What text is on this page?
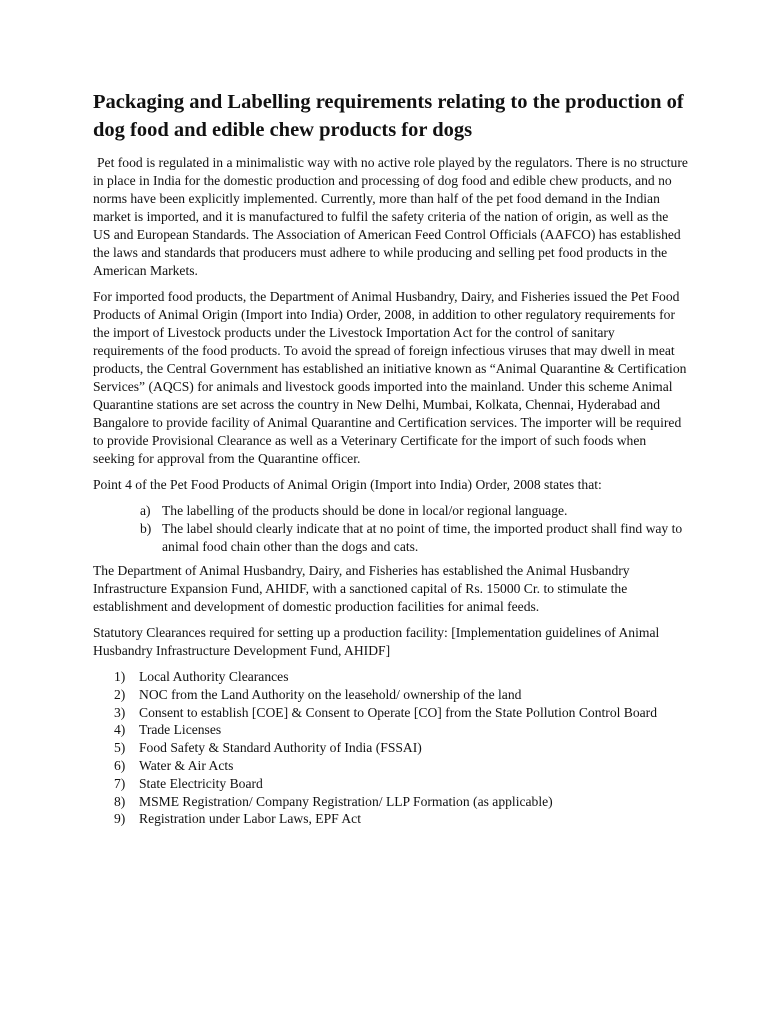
Packaging and Labelling requirements relating to the production of dog food and edible chew products for dogs

Pet food is regulated in a minimalistic way with no active role played by the regulators. There is no structure in place in India for the domestic production and processing of dog food and edible chew products, and no norms have been explicitly implemented. Currently, more than half of the pet food demand in the Indian market is imported, and it is manufactured to fulfil the safety criteria of the nation of origin, as well as the US and European Standards. The Association of American Feed Control Officials (AAFCO) has established the laws and standards that producers must adhere to while producing and selling pet food products in the American Markets.

For imported food products, the Department of Animal Husbandry, Dairy, and Fisheries issued the Pet Food Products of Animal Origin (Import into India) Order, 2008, in addition to other regulatory requirements for the import of Livestock products under the Livestock Importation Act for the control of sanitary requirements of the food products. To avoid the spread of foreign infectious viruses that may dwell in meat products, the Central Government has established an initiative known as “Animal Quarantine & Certification Services” (AQCS) for animals and livestock goods imported into the mainland. Under this scheme Animal Quarantine stations are set across the country in New Delhi, Mumbai, Kolkata, Chennai, Hyderabad and Bangalore to provide facility of Animal Quarantine and Certification services. The importer will be required to provide Provisional Clearance as well as a Veterinary Certificate for the import of such foods when seeking for approval from the Quarantine officer.

Point 4 of the Pet Food Products of Animal Origin (Import into India) Order, 2008 states that:

a) The labelling of the products should be done in local/or regional language.
b) The label should clearly indicate that at no point of time, the imported product shall find way to animal food chain other than the dogs and cats.

The Department of Animal Husbandry, Dairy, and Fisheries has established the Animal Husbandry Infrastructure Expansion Fund, AHIDF, with a sanctioned capital of Rs. 15000 Cr. to stimulate the establishment and development of domestic production facilities for animal feeds.

Statutory Clearances required for setting up a production facility: [Implementation guidelines of Animal Husbandry Infrastructure Development Fund, AHIDF]

1) Local Authority Clearances
2) NOC from the Land Authority on the leasehold/ ownership of the land
3) Consent to establish [COE] & Consent to Operate [CO] from the State Pollution Control Board
4) Trade Licenses
5) Food Safety & Standard Authority of India (FSSAI)
6) Water & Air Acts
7) State Electricity Board
8) MSME Registration/ Company Registration/ LLP Formation (as applicable)
9) Registration under Labor Laws, EPF Act
